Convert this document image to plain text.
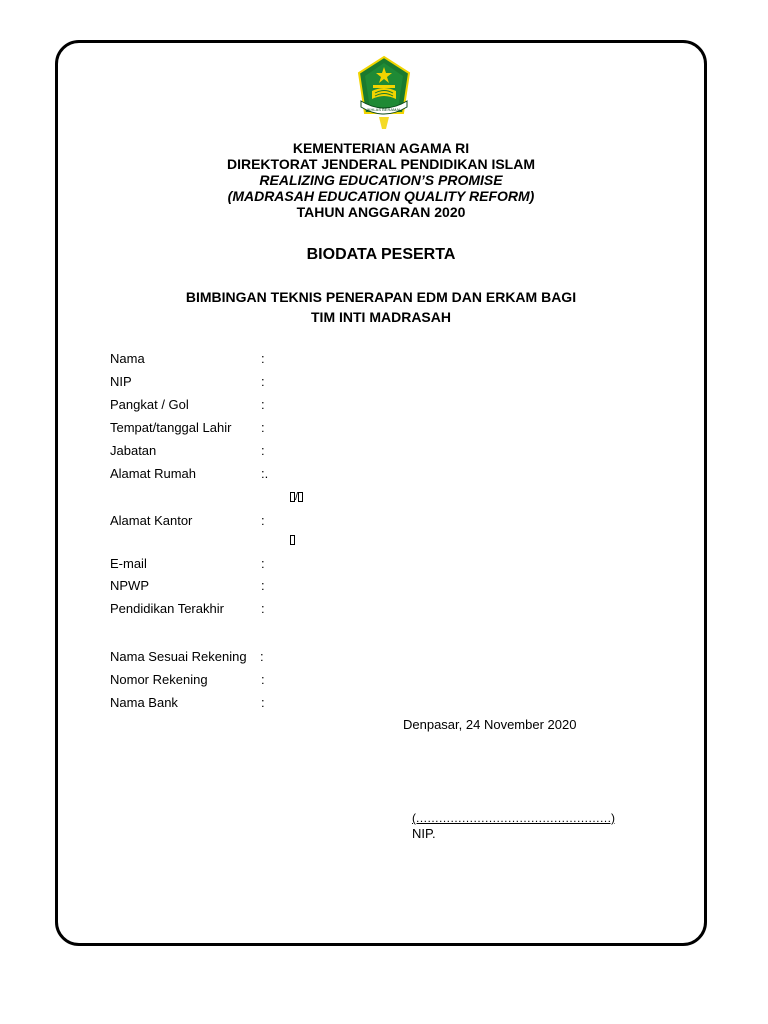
IKHLAS BERAMAL
KEMENTERIAN AGAMA RI
DIREKTORAT JENDERAL PENDIDIKAN ISLAM
REALIZING EDUCATION’S PROMISE
(MADRASAH EDUCATION QUALITY REFORM)
TAHUN ANGGARAN 2020
BIODATA PESERTA
BIMBINGAN TEKNIS PENERAPAN EDM DAN ERKAM BAGI
TIM INTI MADRASAH
Nama	:
NIP	:
Pangkat / Gol	:
Tempat/tanggal Lahir :
Jabatan	:
Alamat Rumah	:.
/
Alamat Kantor	:
E-mail	:
NPWP	:
Pendidikan Terakhir	:
Nama Sesuai Rekening :
Nomor Rekening	:
Nama Bank	:
Denpasar, 24 November 2020
(……………………………………………)
NIP.
